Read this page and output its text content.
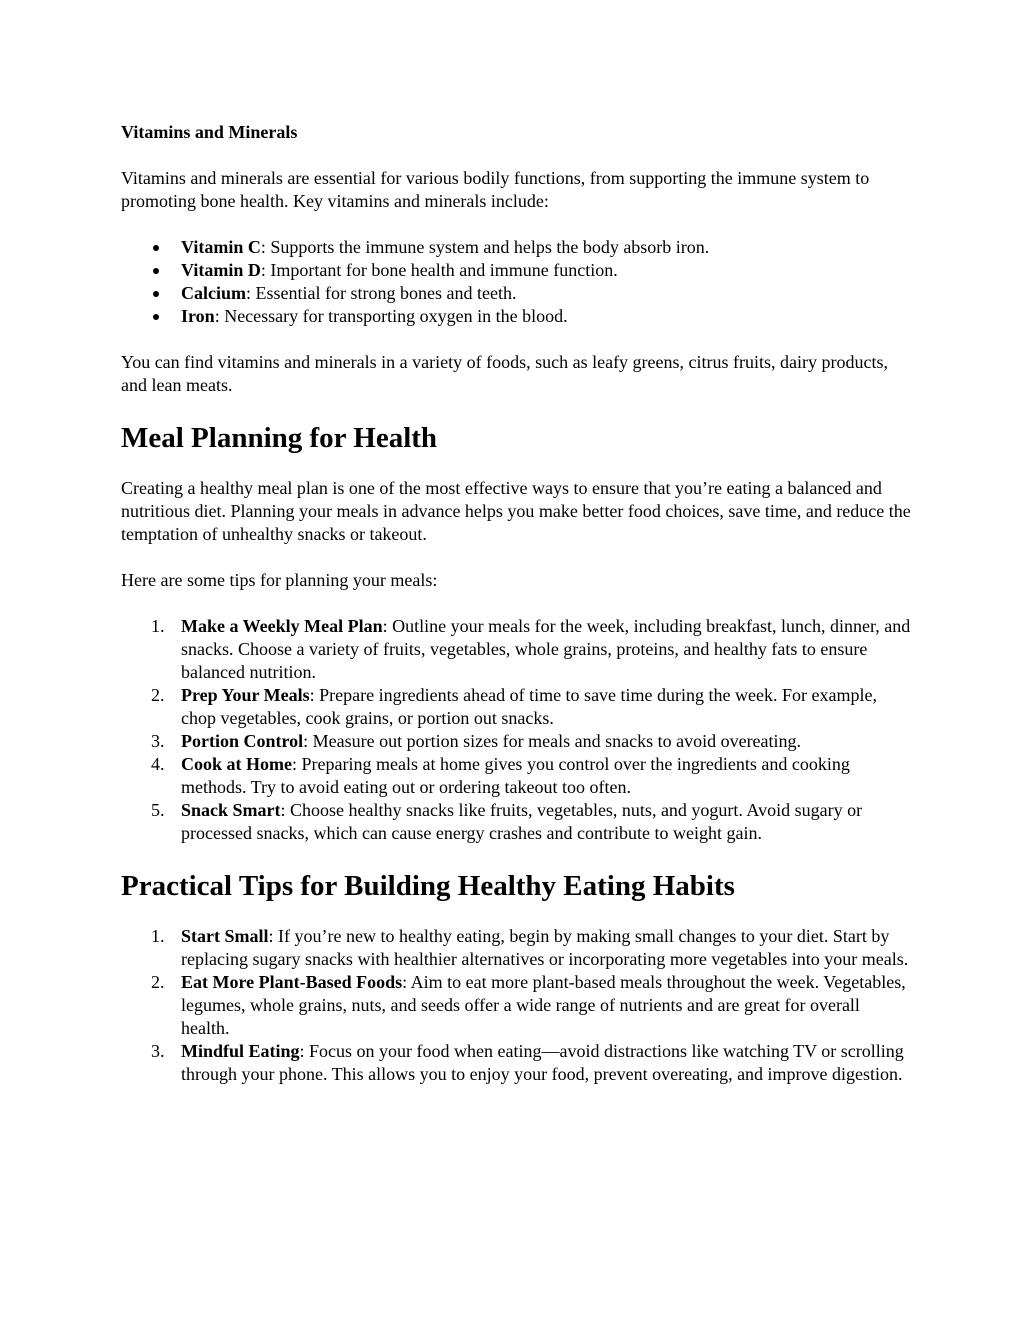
Vitamins and Minerals

Vitamins and minerals are essential for various bodily functions, from supporting the immune system to promoting bone health. Key vitamins and minerals include:

Vitamin C: Supports the immune system and helps the body absorb iron.
Vitamin D: Important for bone health and immune function.
Calcium: Essential for strong bones and teeth.
Iron: Necessary for transporting oxygen in the blood.

You can find vitamins and minerals in a variety of foods, such as leafy greens, citrus fruits, dairy products, and lean meats.

Meal Planning for Health

Creating a healthy meal plan is one of the most effective ways to ensure that you’re eating a balanced and nutritious diet. Planning your meals in advance helps you make better food choices, save time, and reduce the temptation of unhealthy snacks or takeout.

Here are some tips for planning your meals:

1. Make a Weekly Meal Plan: Outline your meals for the week, including breakfast, lunch, dinner, and snacks. Choose a variety of fruits, vegetables, whole grains, proteins, and healthy fats to ensure balanced nutrition.
2. Prep Your Meals: Prepare ingredients ahead of time to save time during the week. For example, chop vegetables, cook grains, or portion out snacks.
3. Portion Control: Measure out portion sizes for meals and snacks to avoid overeating.
4. Cook at Home: Preparing meals at home gives you control over the ingredients and cooking methods. Try to avoid eating out or ordering takeout too often.
5. Snack Smart: Choose healthy snacks like fruits, vegetables, nuts, and yogurt. Avoid sugary or processed snacks, which can cause energy crashes and contribute to weight gain.
Practical Tips for Building Healthy Eating Habits
1. Start Small: If you’re new to healthy eating, begin by making small changes to your diet. Start by replacing sugary snacks with healthier alternatives or incorporating more vegetables into your meals.
2. Eat More Plant-Based Foods: Aim to eat more plant-based meals throughout the week. Vegetables, legumes, whole grains, nuts, and seeds offer a wide range of nutrients and are great for overall health.
3. Mindful Eating: Focus on your food when eating—avoid distractions like watching TV or scrolling through your phone. This allows you to enjoy your food, prevent overeating, and improve digestion.
